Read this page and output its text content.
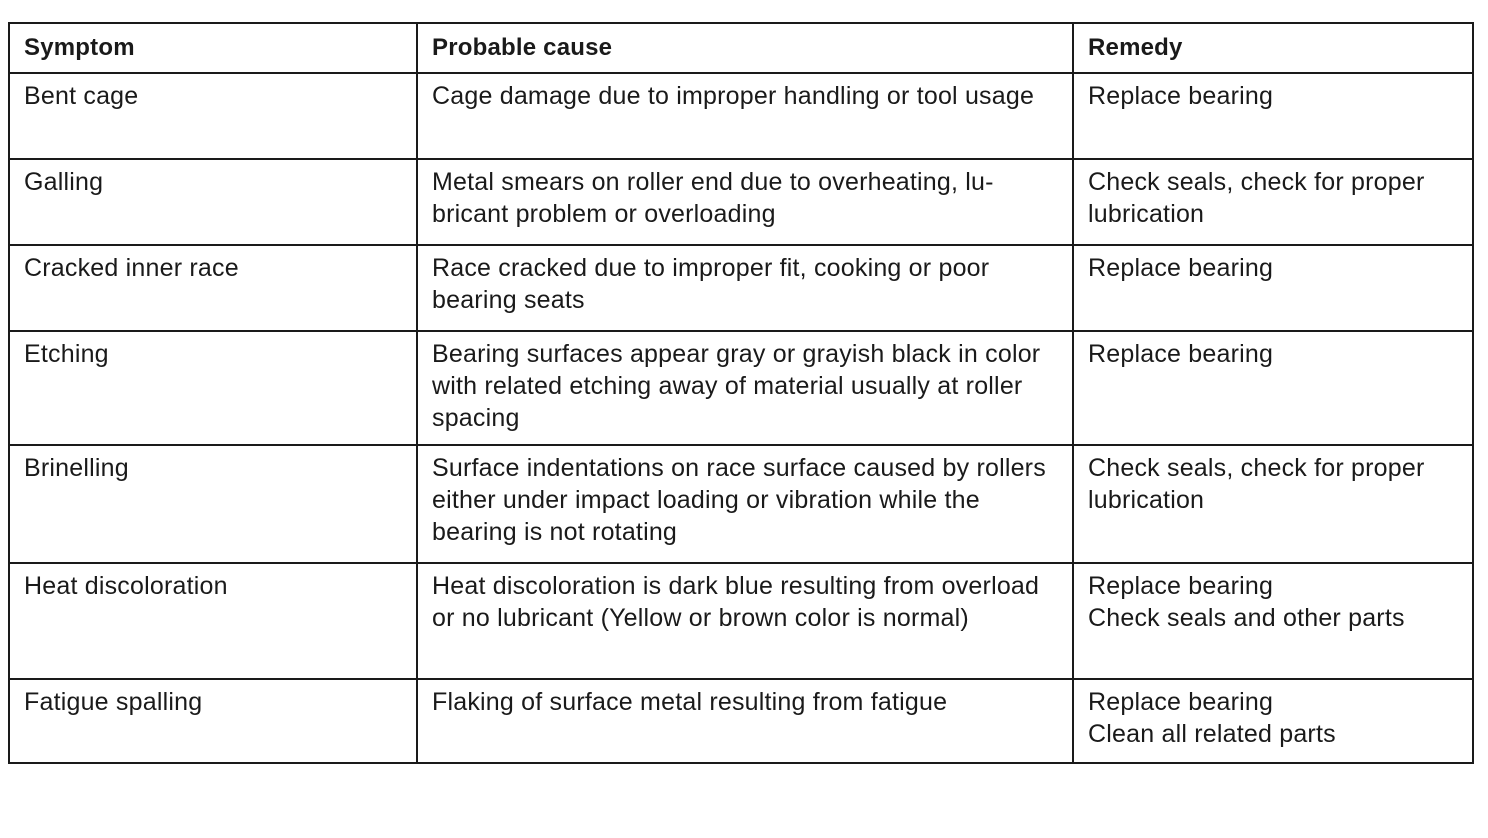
Symptom	Probable cause	Remedy
Bent cage	Cage damage due to improper handling or tool usage	Replace bearing

Galling	Metal smears on roller end due to overheating, lu-bricant problem or overloading	Check seals, check for proper lubrication

Cracked inner race	Race cracked due to improper fit, cooking or poor bearing seats	Replace bearing

Etching	Bearing surfaces appear gray or grayish black in color with related etching away of material usually at roller spacing	Replace bearing

Brinelling	Surface indentations on race surface caused by rollers either under impact loading or vibration while the bearing is not rotating	Check seals, check for proper lubrication

Heat discoloration	Heat discoloration is dark blue resulting from overload or no lubricant (Yellow or brown color is normal)	Replace bearing
Check seals and other parts

Fatigue spalling	Flaking of surface metal resulting from fatigue	Replace bearing
Clean all related parts
